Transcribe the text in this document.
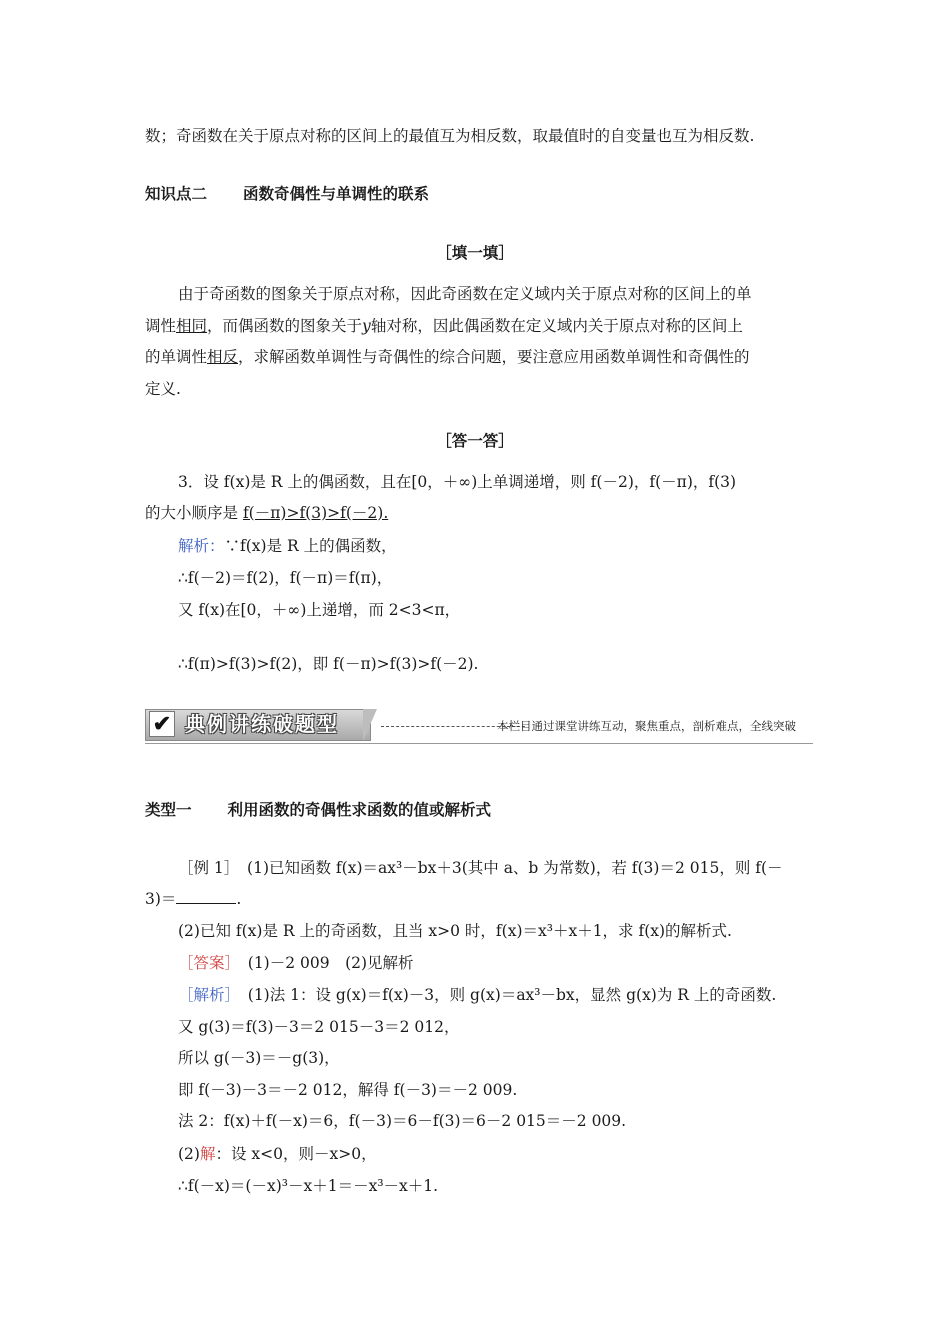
数；奇函数在关于原点对称的区间上的最值互为相反数，取最值时的自变量也互为相反数.
知识点二 函数奇偶性与单调性的联系
［填一填］
由于奇函数的图象关于原点对称，因此奇函数在定义域内关于原点对称的区间上的单
调性相同，而偶函数的图象关于y轴对称，因此偶函数在定义域内关于原点对称的区间上
的单调性相反，求解函数单调性与奇偶性的综合问题，要注意应用函数单调性和奇偶性的
定义.
［答一答］
3．设 f(x)是 R 上的偶函数，且在[0，＋∞)上单调递增，则 f(－2)，f(－π)，f(3)
的大小顺序是 f(－π)>f(3)>f(－2).
解析：∵f(x)是 R 上的偶函数，
∴f(－2)＝f(2)，f(－π)＝f(π)，
又 f(x)在[0，＋∞)上递增，而 2<3<π，
∴f(π)>f(3)>f(2)，即 f(－π)>f(3)>f(－2).
✔ 典例讲练破题型	本栏目通过课堂讲练互动，聚焦重点，剖析难点，全线突破
类型一 利用函数的奇偶性求函数的值或解析式
［例 1］　(1)已知函数 f(x)＝ax³－bx＋3(其中 a、b 为常数)，若 f(3)＝2 015，则 f(－
3)＝	.
(2)已知 f(x)是 R 上的奇函数，且当 x>0 时，f(x)＝x³＋x＋1，求 f(x)的解析式.
［答案］　(1)－2 009　(2)见解析
［解析］　(1)法 1：设 g(x)＝f(x)－3，则 g(x)＝ax³－bx，显然 g(x)为 R 上的奇函数.
又 g(3)＝f(3)－3＝2 015－3＝2 012，
所以 g(－3)＝－g(3)，
即 f(－3)－3＝－2 012，解得 f(－3)＝－2 009.
法 2：f(x)＋f(－x)＝6，f(－3)＝6－f(3)＝6－2 015＝－2 009.
(2)解：设 x<0，则－x>0，
∴f(－x)＝(－x)³－x＋1＝－x³－x＋1.
